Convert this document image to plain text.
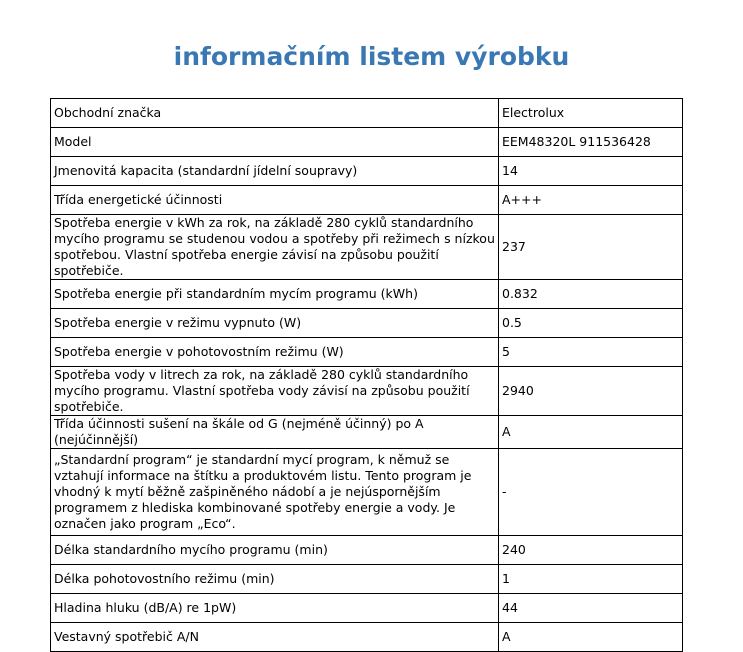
informačním listem výrobku
Obchodní značka	Electrolux
Model	EEM48320L 911536428
Jmenovitá kapacita (standardní jídelní soupravy)	14
Třída energetické účinnosti	A+++
Spotřeba energie v kWh za rok, na základě 280 cyklů standardního mycího programu se studenou vodou a spotřeby při režimech s nízkou spotřebou. Vlastní spotřeba energie závisí na způsobu použití spotřebiče.	237
Spotřeba energie při standardním mycím programu (kWh)	0.832
Spotřeba energie v režimu vypnuto (W)	0.5
Spotřeba energie v pohotovostním režimu (W)	5
Spotřeba vody v litrech za rok, na základě 280 cyklů standardního mycího programu. Vlastní spotřeba vody závisí na způsobu použití spotřebiče.	2940
Třída účinnosti sušení na škále od G (nejméně účinný) po A (nejúčinnější)	A
„Standardní program“ je standardní mycí program, k němuž se vztahují informace na štítku a produktovém listu. Tento program je vhodný k mytí běžně zašpiněného nádobí a je nejúspornějším programem z hlediska kombinované spotřeby energie a vody. Je označen jako program „Eco“.	-
Délka standardního mycího programu (min)	240
Délka pohotovostního režimu (min)	1
Hladina hluku (dB/A) re 1pW)	44
Vestavný spotřebič A/N	A
